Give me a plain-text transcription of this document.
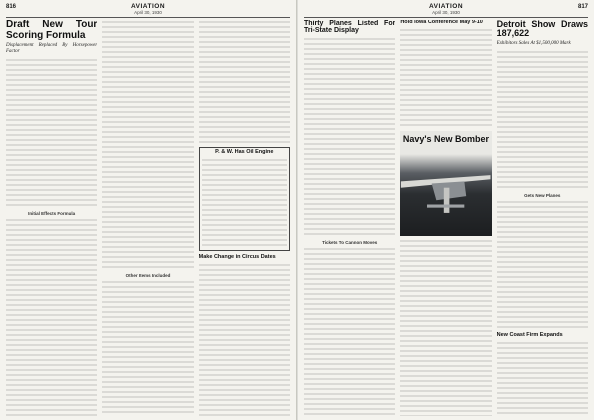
816	AVIATION
April 30, 1930
Draft New Tour Scoring Formula
Displacement Replaced By Horsepower Factor
Initial Effects Formula
Other Items Included
P. & W. Has Oil Engine
Make Change in Circus Dates
817
AVIATION
April 30, 1930
Thirty Planes Listed For Tri-State Display
Tickets To Cannon Moves
Hold Iowa Conference May 9-10
Navy's New Bomber
Detroit Show Draws 187,622
Exhibitors Sales At $1,500,000 Mark
Gets New Planes
New Coast Firm Expands
